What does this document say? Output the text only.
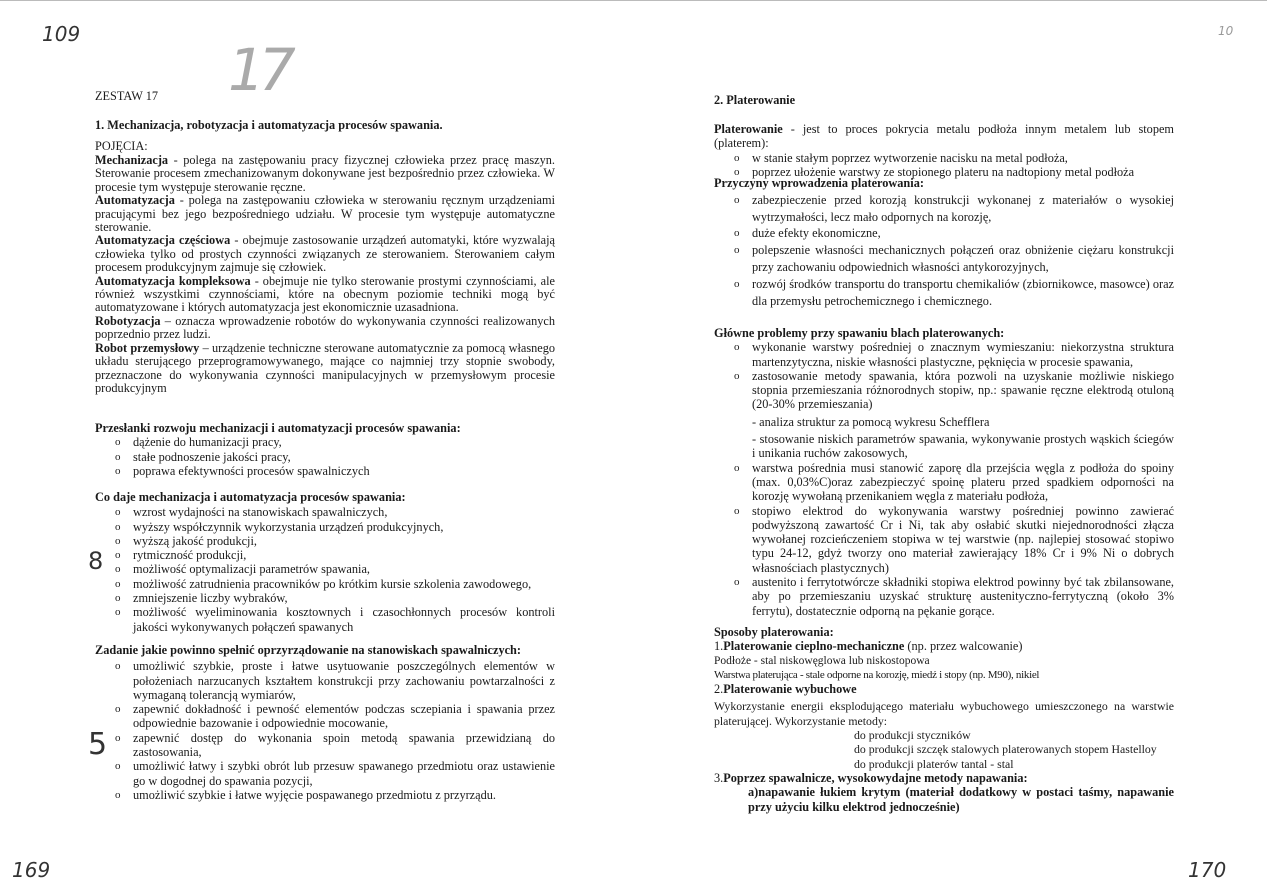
109
169	170
10
17
8
5
ZESTAW 17
1. Mechanizacja, robotyzacja i automatyzacja procesów spawania.
POJĘCIA:
Mechanizacja - polega na zastępowaniu pracy fizycznej człowieka przez pracę maszyn. Sterowanie procesem zmechanizowanym dokonywane jest bezpośrednio przez człowieka. W procesie tym występuje sterowanie ręczne.
Automatyzacja - polega na zastępowaniu człowieka w sterowaniu ręcznym urządzeniami pracującymi bez jego bezpośredniego udziału. W procesie tym występuje automatyczne sterowanie.
Automatyzacja częściowa - obejmuje zastosowanie urządzeń automatyki, które wyzwalają człowieka tylko od prostych czynności związanych ze sterowaniem. Sterowaniem całym procesem produkcyjnym zajmuje się człowiek.
Automatyzacja kompleksowa - obejmuje nie tylko sterowanie prostymi czynnościami, ale również wszystkimi czynnościami, które na obecnym poziomie techniki mogą być automatyzowane i których automatyzacja jest ekonomicznie uzasadniona.
Robotyzacja – oznacza wprowadzenie robotów do wykonywania czynności realizowanych poprzednio przez ludzi.
Robot przemysłowy – urządzenie techniczne sterowane automatycznie za pomocą własnego układu sterującego przeprogramowywanego, mające co najmniej trzy stopnie swobody, przeznaczone do wykonywania czynności manipulacyjnych w przemysłowym procesie produkcyjnym
Przesłanki rozwoju mechanizacji i automatyzacji procesów spawania:
o dążenie do humanizacji pracy,
o stałe podnoszenie jakości pracy,
o poprawa efektywności procesów spawalniczych
Co daje mechanizacja i automatyzacja procesów spawania:
o wzrost wydajności na stanowiskach spawalniczych,
o wyższy współczynnik wykorzystania urządzeń produkcyjnych,
o wyższą jakość produkcji,
o rytmiczność produkcji,
o możliwość optymalizacji parametrów spawania,
o możliwość zatrudnienia pracowników po krótkim kursie szkolenia zawodowego,
o zmniejszenie liczby wybraków,
o możliwość wyeliminowania kosztownych i czasochłonnych procesów kontroli jakości wykonywanych połączeń spawanych
Zadanie jakie powinno spełnić oprzyrządowanie na stanowiskach spawalniczych:
o umożliwić szybkie, proste i łatwe usytuowanie poszczególnych elementów w położeniach narzucanych kształtem konstrukcji przy zachowaniu powtarzalności z wymaganą tolerancją wymiarów,
o zapewnić dokładność i pewność elementów podczas sczepiania i spawania przez odpowiednie bazowanie i odpowiednie mocowanie,
o zapewnić dostęp do wykonania spoin metodą spawania przewidzianą do zastosowania,
o umożliwić łatwy i szybki obrót lub przesuw spawanego przedmiotu oraz ustawienie go w dogodnej do spawania pozycji,
o umożliwić szybkie i łatwe wyjęcie pospawanego przedmiotu z przyrządu.
2. Platerowanie
Platerowanie - jest to proces pokrycia metalu podłoża innym metalem lub stopem (platerem):
o w stanie stałym poprzez wytworzenie nacisku na metal podłoża,
o poprzez ułożenie warstwy ze stopionego plateru na nadtopiony metal podłoża
Przyczyny wprowadzenia platerowania:
o zabezpieczenie przed korozją konstrukcji wykonanej z materiałów o wysokiej wytrzymałości, lecz mało odpornych na korozję,
o duże efekty ekonomiczne,
o polepszenie własności mechanicznych połączeń oraz obniżenie ciężaru konstrukcji przy zachowaniu odpowiednich własności antykorozyjnych,
o rozwój środków transportu do transportu chemikaliów (zbiornikowce, masowce) oraz dla przemysłu petrochemicznego i chemicznego.
Główne problemy przy spawaniu blach platerowanych:
o wykonanie warstwy pośredniej o znacznym wymieszaniu: niekorzystna struktura martenzytyczna, niskie własności plastyczne, pęknięcia w procesie spawania,
o zastosowanie metody spawania, która pozwoli na uzyskanie możliwie niskiego stopnia przemieszania różnorodnych stopiw, np.: spawanie ręczne elektrodą otuloną (20-30% przemieszania)
- analiza struktur za pomocą wykresu Schefflera
- stosowanie niskich parametrów spawania, wykonywanie prostych wąskich ściegów i unikania ruchów zakosowych,
o warstwa pośrednia musi stanowić zaporę dla przejścia węgla z podłoża do spoiny (max. 0,03%C)oraz zabezpieczyć spoinę plateru przed spadkiem odporności na korozję wywołaną przenikaniem węgla z materiału podłoża,
o stopiwo elektrod do wykonywania warstwy pośredniej powinno zawierać podwyższoną zawartość Cr i Ni, tak aby osłabić skutki niejednorodności złącza wywołanej rozcieńczeniem stopiwa w tej warstwie (np. najlepiej stosować stopiwo typu 24-12, gdyż tworzy ono materiał zawierający 18% Cr i 9% Ni o dobrych własnościach plastycznych)
o austenito i ferrytotwórcze składniki stopiwa elektrod powinny być tak zbilansowane, aby po przemieszaniu uzyskać strukturę austenityczno-ferrytyczną (około 3% ferrytu), dostatecznie odporną na pękanie gorące.
Sposoby platerowania:
1.Platerowanie cieplno-mechaniczne (np. przez walcowanie)
Podłoże - stal niskowęglowa lub niskostopowa
Warstwa platerująca - stale odporne na korozję, miedź i stopy (np. M90), nikiel
2.Platerowanie wybuchowe
Wykorzystanie energii eksplodującego materiału wybuchowego umieszczonego na warstwie platerującej. Wykorzystanie metody:
do produkcji styczników
do produkcji szczęk stalowych platerowanych stopem Hastelloy
do produkcji platerów tantal - stal
3.Poprzez spawalnicze, wysokowydajne metody napawania:
a)napawanie łukiem krytym (materiał dodatkowy w postaci taśmy, napawanie przy użyciu kilku elektrod jednocześnie)
